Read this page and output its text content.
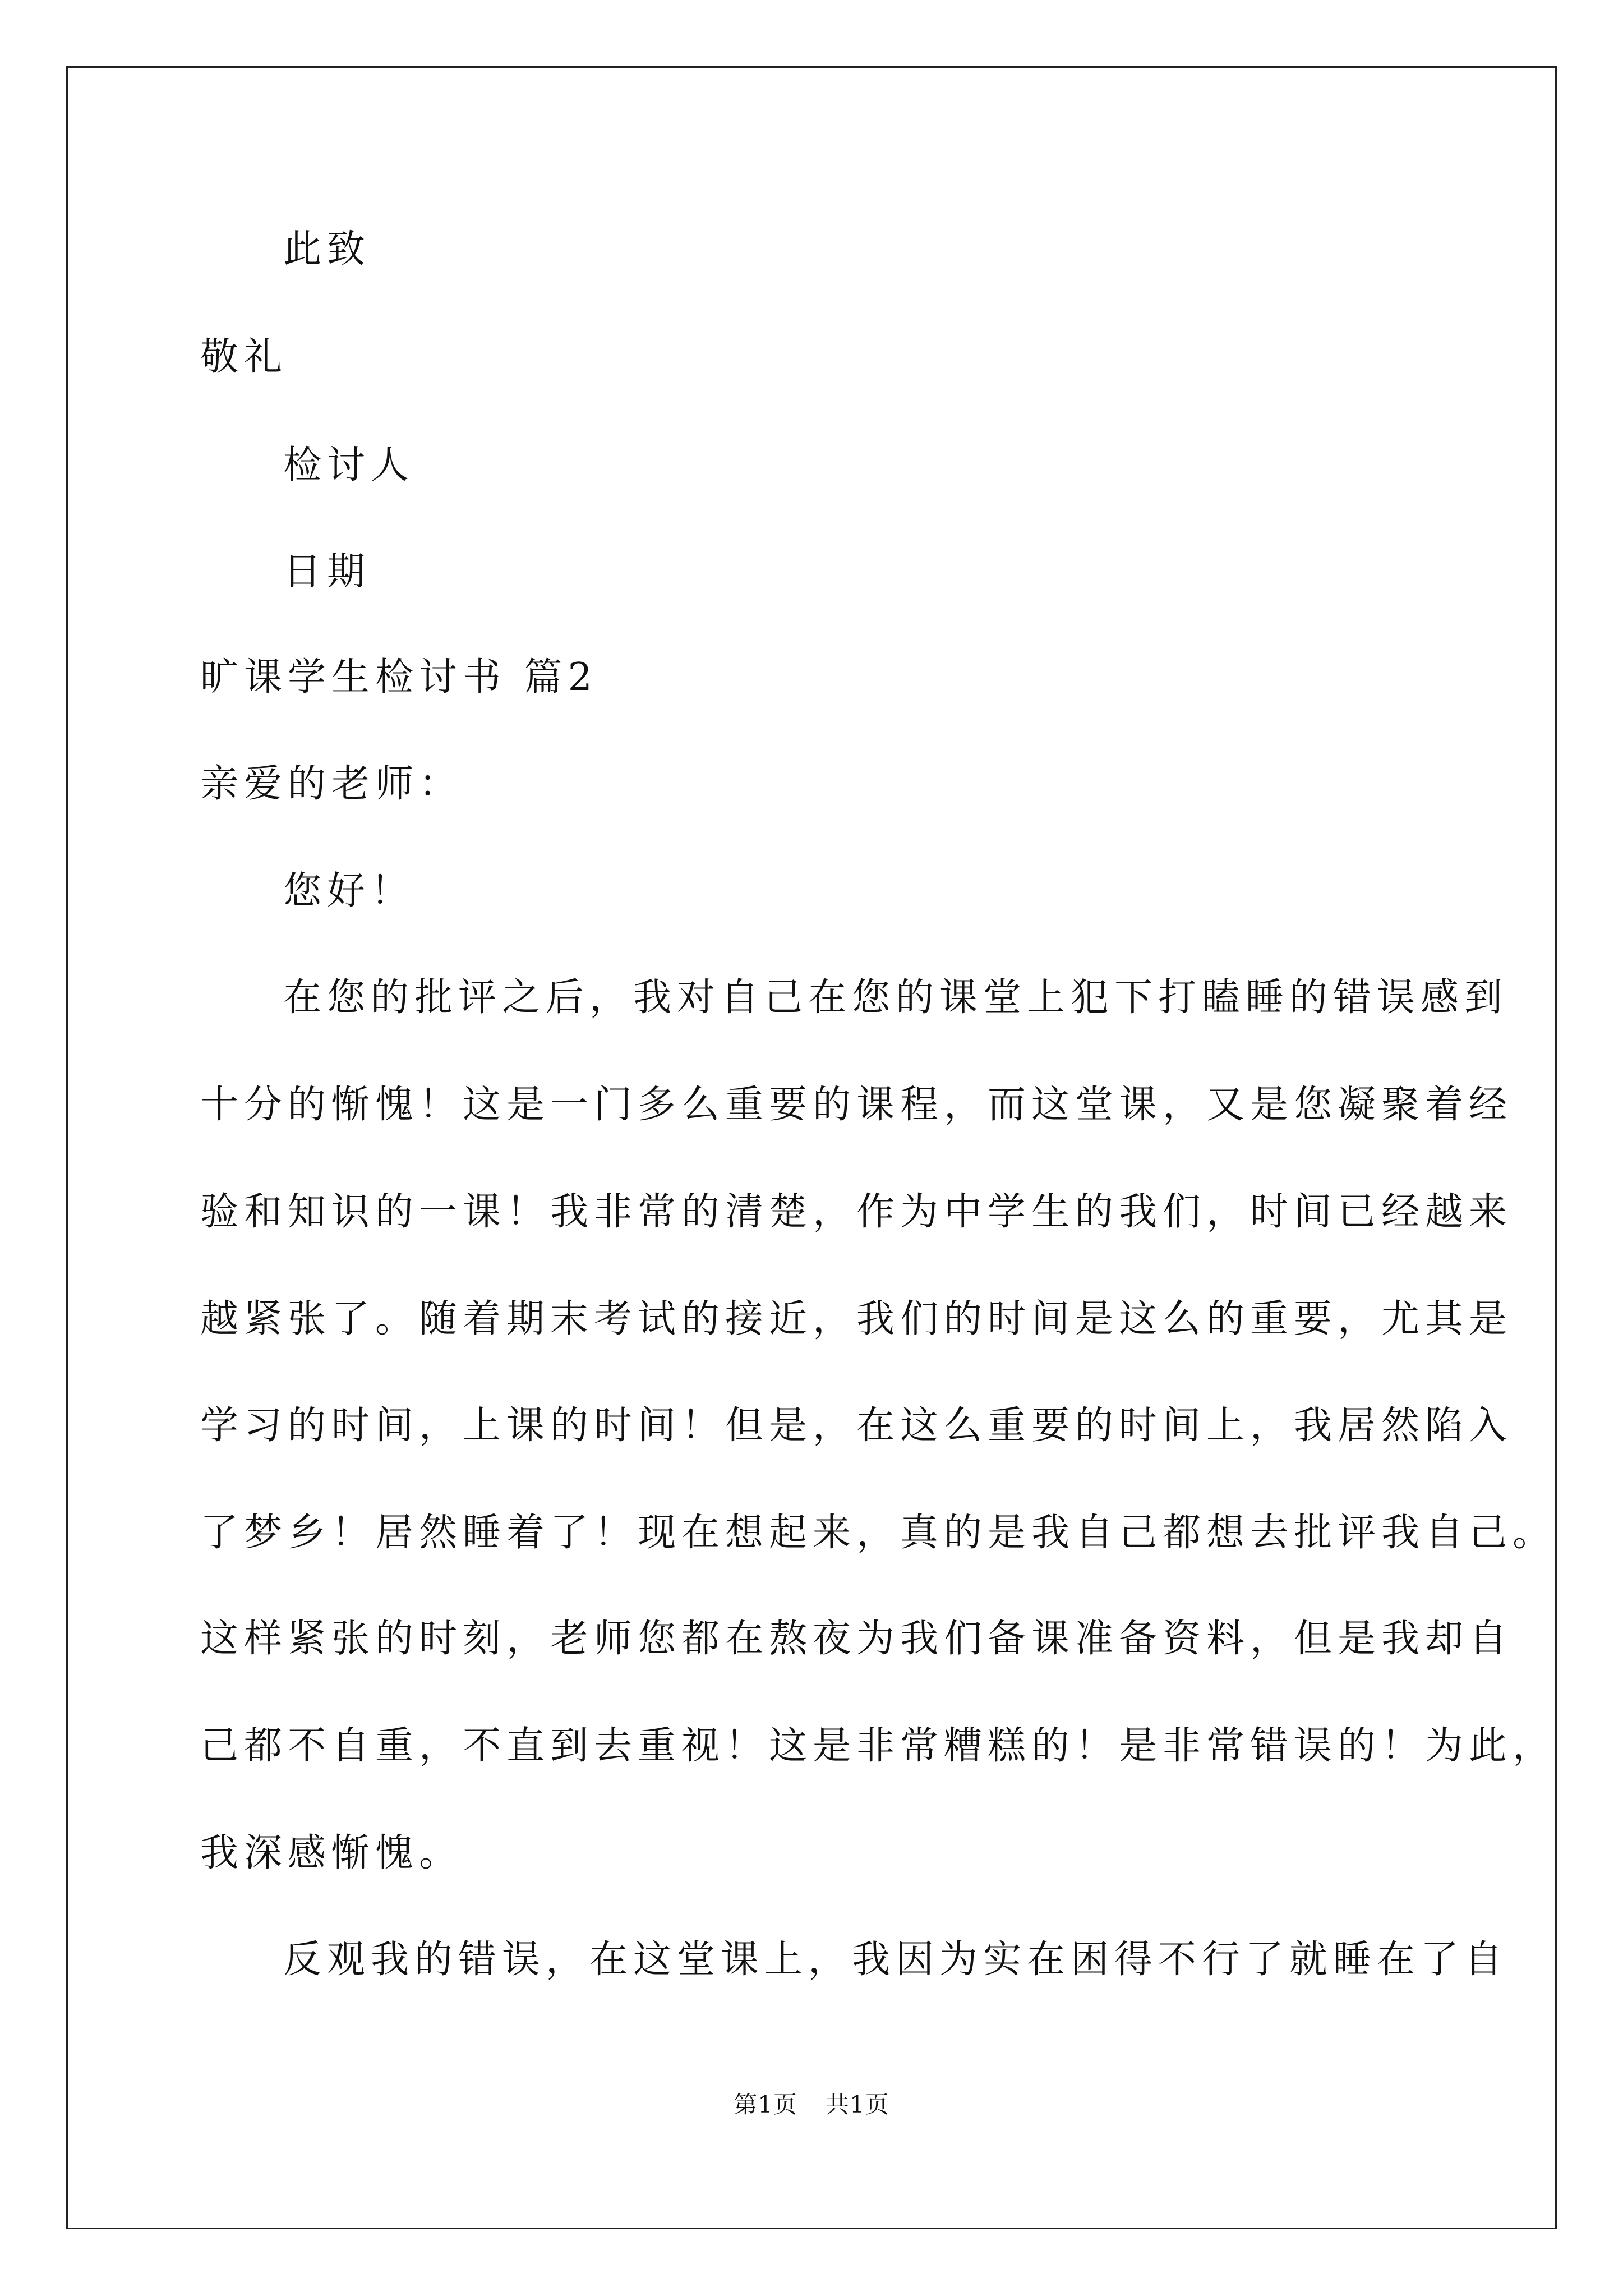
此致
敬礼
检讨人
日期
旷课学生检讨书 篇2
亲爱的老师：
您好！
在您的批评之后，我对自己在您的课堂上犯下打瞌睡的错误感到
十分的惭愧！这是一门多么重要的课程，而这堂课，又是您凝聚着经
验和知识的一课！我非常的清楚，作为中学生的我们，时间已经越来
越紧张了。随着期末考试的接近，我们的时间是这么的重要，尤其是
学习的时间，上课的时间！但是，在这么重要的时间上，我居然陷入
了梦乡！居然睡着了！现在想起来，真的是我自己都想去批评我自己。
这样紧张的时刻，老师您都在熬夜为我们备课准备资料，但是我却自
己都不自重，不直到去重视！这是非常糟糕的！是非常错误的！为此，
我深感惭愧。
反观我的错误，在这堂课上，我因为实在困得不行了就睡在了自
第1页 共1页
